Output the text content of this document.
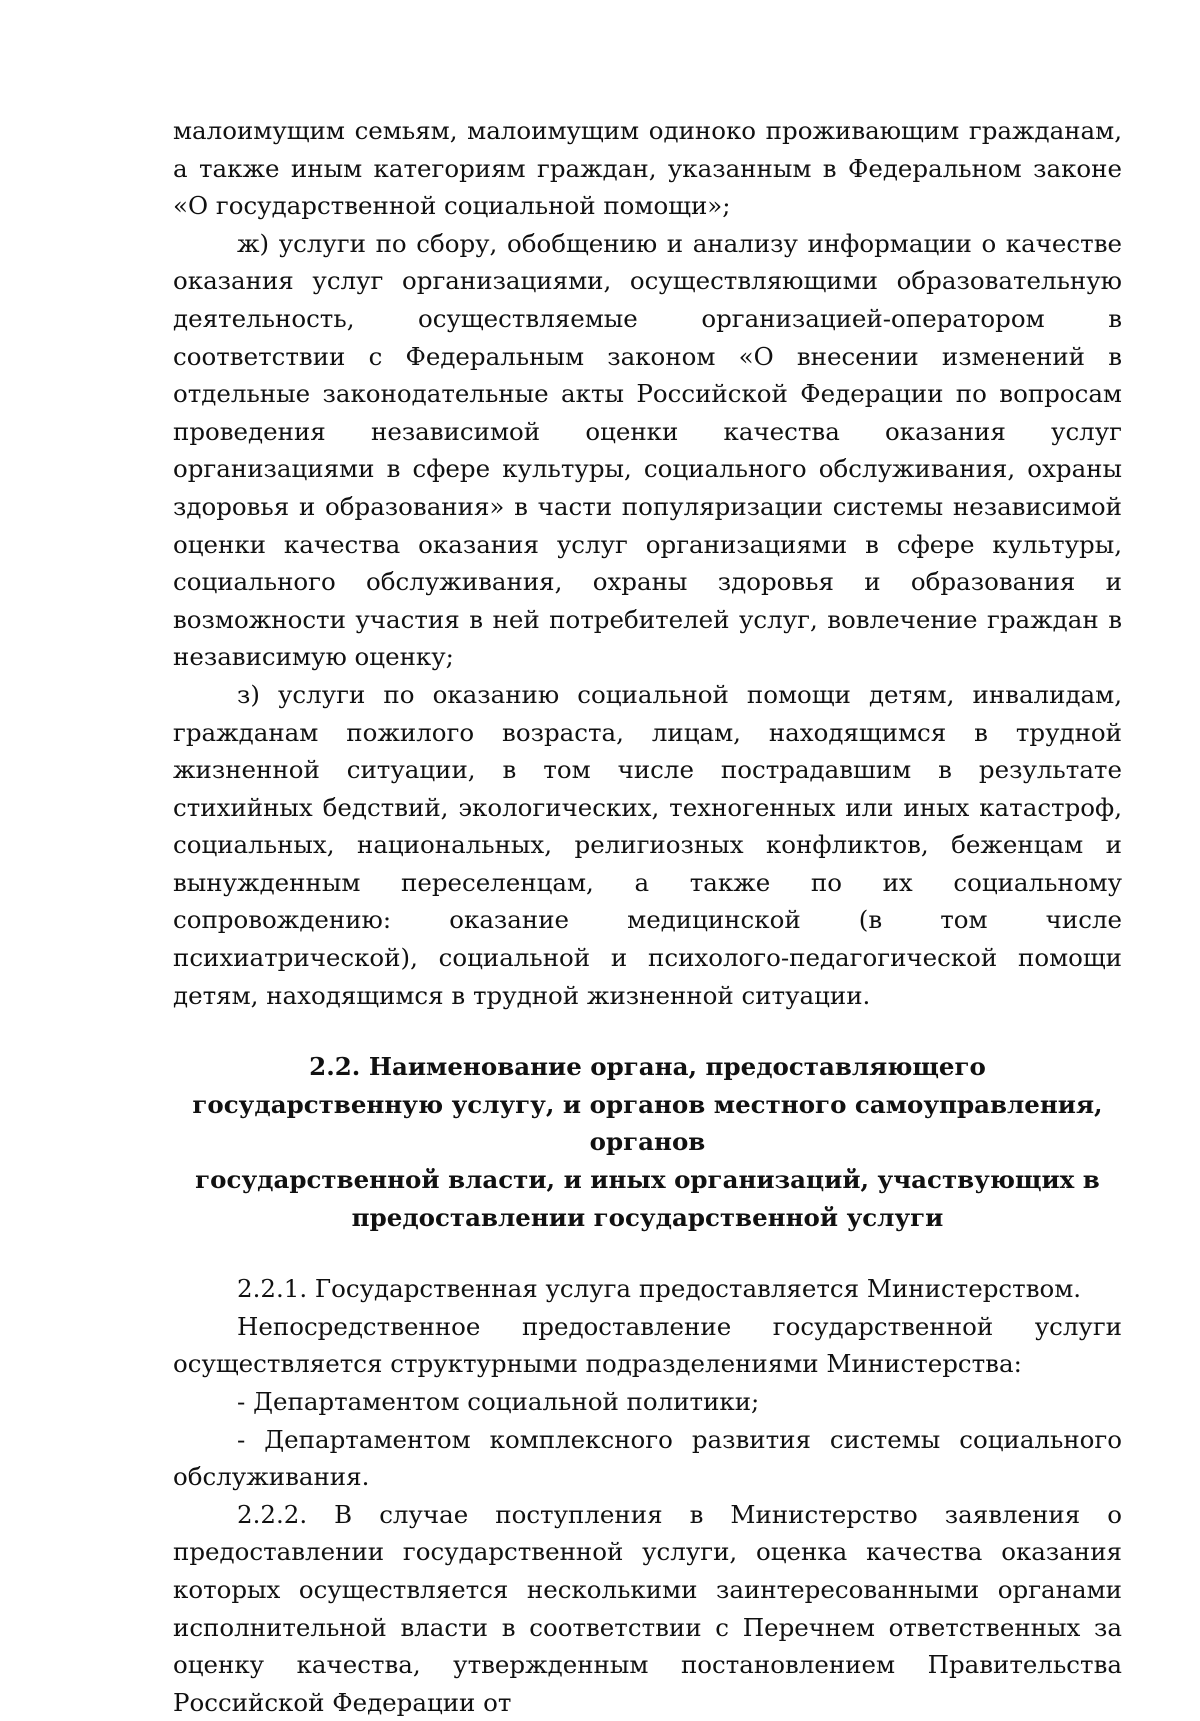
малоимущим семьям, малоимущим одиноко проживающим гражданам, а также иным категориям граждан, указанным в Федеральном законе «О государственной социальной помощи»;

ж) услуги по сбору, обобщению и анализу информации о качестве оказания услуг организациями, осуществляющими образовательную деятельность, осуществляемые организацией-оператором в соответствии с Федеральным законом «О внесении изменений в отдельные законодательные акты Российской Федерации по вопросам проведения независимой оценки качества оказания услуг организациями в сфере культуры, социального обслуживания, охраны здоровья и образования» в части популяризации системы независимой оценки качества оказания услуг организациями в сфере культуры, социального обслуживания, охраны здоровья и образования и возможности участия в ней потребителей услуг, вовлечение граждан в независимую оценку;

з) услуги по оказанию социальной помощи детям, инвалидам, гражданам пожилого возраста, лицам, находящимся в трудной жизненной ситуации, в том числе пострадавшим в результате стихийных бедствий, экологических, техногенных или иных катастроф, социальных, национальных, религиозных конфликтов, беженцам и вынужденным переселенцам, а также по их социальному сопровождению: оказание медицинской (в том числе психиатрической), социальной и психолого-педагогической помощи детям, находящимся в трудной жизненной ситуации.

2.2. Наименование органа, предоставляющего
государственную услугу, и органов местного самоуправления, органов
государственной власти, и иных организаций, участвующих в
предоставлении государственной услуги

2.2.1. Государственная услуга предоставляется Министерством.

Непосредственное предоставление государственной услуги осуществляется структурными подразделениями Министерства:

- Департаментом социальной политики;

- Департаментом комплексного развития системы социального обслуживания.

2.2.2. В случае поступления в Министерство заявления о предоставлении государственной услуги, оценка качества оказания которых осуществляется несколькими заинтересованными органами исполнительной власти в соответствии с Перечнем ответственных за оценку качества, утвержденным постановлением Правительства Российской Федерации от
